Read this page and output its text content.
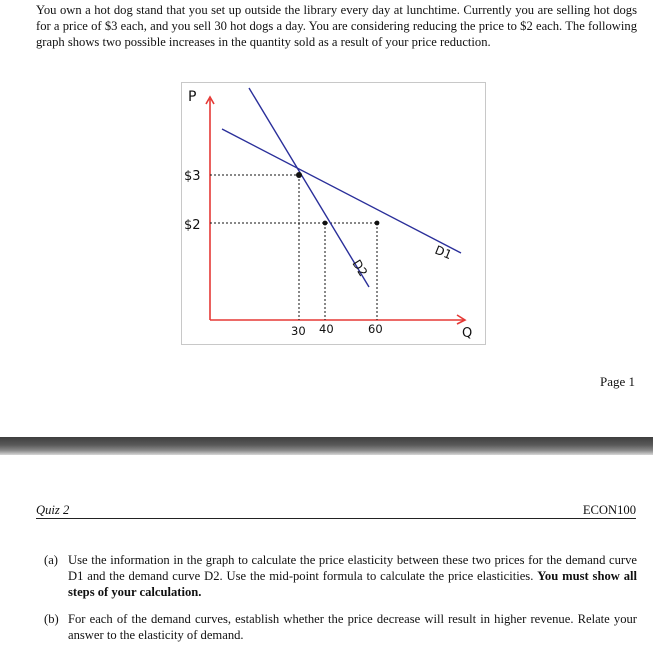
You own a hot dog stand that you set up outside the library every day at lunchtime. Currently you are selling hot dogs for a price of $3 each, and you sell 30 hot dogs a day. You are considering reducing the price to $2 each. The following graph shows two possible increases in the quantity sold as a result of your price reduction.
P
Q
$3
$2
30 40	60
D2
D1
Page 1
Quiz 2	ECON100
(a) Use the information in the graph to calculate the price elasticity between these two prices for the demand curve D1 and the demand curve D2. Use the mid-point formula to calculate the price elasticities. You must show all steps of your calculation.
(b) For each of the demand curves, establish whether the price decrease will result in higher revenue. Relate your answer to the elasticity of demand.
